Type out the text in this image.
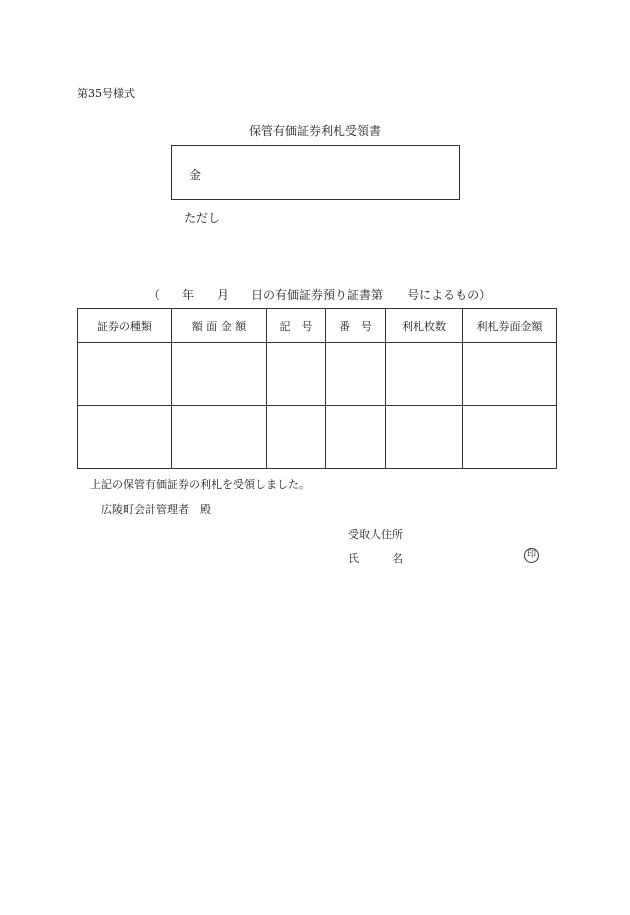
第35号様式
保管有価証券利札受領書
金
ただし
（ 年 月 日の有価証券預り証書第 号によるもの）
証券の種類	額 面 金 額	記　号	番　号	利札枚数	利札券面金額

上記の保管有価証券の利札を受領しました。
広陵町会計管理者　殿
受取人住所
氏　　　名	印
